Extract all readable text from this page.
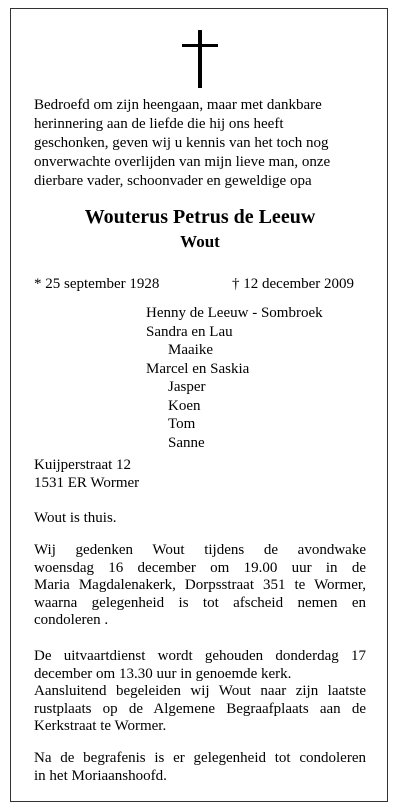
Bedroefd om zijn heengaan, maar met dankbare
herinnering aan de liefde die hij ons heeft
geschonken, geven wij u kennis van het toch nog
onverwachte overlijden van mijn lieve man, onze
dierbare vader, schoonvader en geweldige opa
Wouterus Petrus de Leeuw
Wout
* 25 september 1928	† 12 december 2009
Henny de Leeuw - Sombroek
Sandra en Lau
Maaike
Marcel en Saskia
Jasper
Koen
Tom
Sanne
Kuijperstraat 12
1531 ER Wormer
Wout is thuis.
Wij gedenken Wout tijdens de avondwake
woensdag 16 december om 19.00 uur in de
Maria Magdalenakerk, Dorpsstraat 351 te Wormer,
waarna gelegenheid is tot afscheid nemen en
condoleren .
De uitvaartdienst wordt gehouden donderdag 17
december om 13.30 uur in genoemde kerk.
Aansluitend begeleiden wij Wout naar zijn laatste
rustplaats op de Algemene Begraafplaats aan de
Kerkstraat te Wormer.
Na de begrafenis is er gelegenheid tot condoleren
in het Moriaanshoofd.
